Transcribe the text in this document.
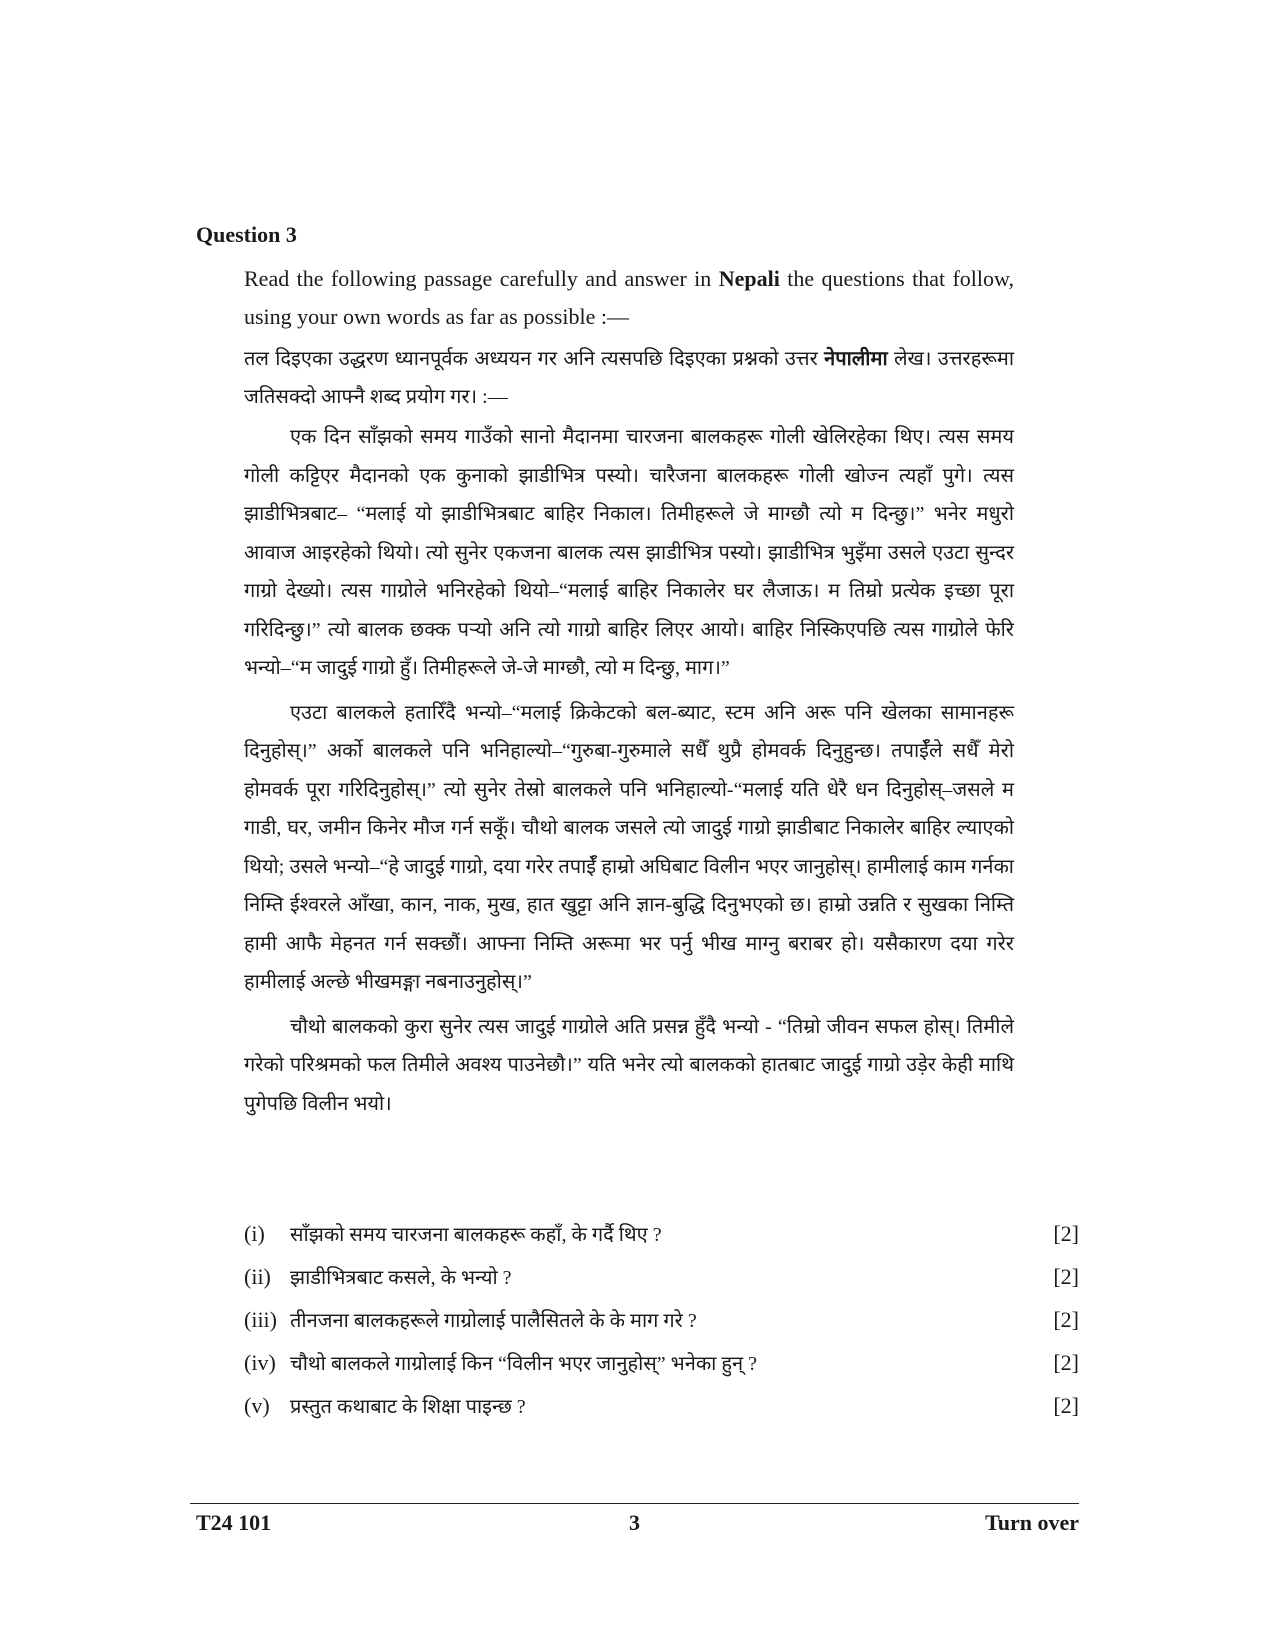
Question 3

Read the following passage carefully and answer in Nepali the questions that follow, using your own words as far as possible :—

तल दिइएका उद्धरण ध्यानपूर्वक अध्ययन गर अनि त्यसपछि दिइएका प्रश्नको उत्तर नेपालीमा लेख। उत्तरहरूमा जतिसक्दो आफ्नै शब्द प्रयोग गर। :—

एक दिन साँझको समय गाउँको सानो मैदानमा चारजना बालकहरू गोली खेलिरहेका थिए। त्यस समय गोली कट्टिएर मैदानको एक कुनाको झाडीभित्र पस्यो। चारैजना बालकहरू गोली खोज्न त्यहाँ पुगे। त्यस झाडीभित्रबाट– “मलाई यो झाडीभित्रबाट बाहिर निकाल। तिमीहरूले जे माग्छौ त्यो म दिन्छु।” भनेर मधुरो आवाज आइरहेको थियो। त्यो सुनेर एकजना बालक त्यस झाडीभित्र पस्यो। झाडीभित्र भुइँमा उसले एउटा सुन्दर गाग्रो देख्यो। त्यस गाग्रोले भनिरहेको थियो–“मलाई बाहिर निकालेर घर लैजाऊ। म तिम्रो प्रत्येक इच्छा पूरा गरिदिन्छु।” त्यो बालक छक्क पर्‍यो अनि त्यो गाग्रो बाहिर लिएर आयो। बाहिर निस्किएपछि त्यस गाग्रोले फेरि भन्यो–“म जादुई गाग्रो हुँ। तिमीहरूले जे-जे माग्छौ, त्यो म दिन्छु, माग।”

एउटा बालकले हतारिँदै भन्यो–“मलाई क्रिकेटको बल-ब्याट, स्टम अनि अरू पनि खेलका सामानहरू दिनुहोस्।” अर्को बालकले पनि भनिहाल्यो–“गुरुबा-गुरुमाले सधैँ थुप्रै होमवर्क दिनुहुन्छ। तपाईँले सधैँ मेरो होमवर्क पूरा गरिदिनुहोस्।” त्यो सुनेर तेस्रो बालकले पनि भनिहाल्यो-“मलाई यति धेरै धन दिनुहोस्–जसले म गाडी, घर, जमीन किनेर मौज गर्न सकूँ। चौथो बालक जसले त्यो जादुई गाग्रो झाडीबाट निकालेर बाहिर ल्याएको थियो; उसले भन्यो–“हे जादुई गाग्रो, दया गरेर तपाईँ हाम्रो अघिबाट विलीन भएर जानुहोस्। हामीलाई काम गर्नका निम्ति ईश्वरले आँखा, कान, नाक, मुख, हात खुट्टा अनि ज्ञान-बुद्धि दिनुभएको छ। हाम्रो उन्नति र सुखका निम्ति हामी आफै मेहनत गर्न सक्छौं। आफ्ना निम्ति अरूमा भर पर्नु भीख माग्नु बराबर हो। यसैकारण दया गरेर हामीलाई अल्छे भीखमङ्गा नबनाउनुहोस्।”

चौथो बालकको कुरा सुनेर त्यस जादुई गाग्रोले अति प्रसन्न हुँदै भन्यो - “तिम्रो जीवन सफल होस्। तिमीले गरेको परिश्रमको फल तिमीले अवश्य पाउनेछौ।” यति भनेर त्यो बालकको हातबाट जादुई गाग्रो उड़ेर केही माथि पुगेपछि विलीन भयो।

(i)	साँझको समय चारजना बालकहरू कहाँ, के गर्दै थिए ?	[2]
(ii) झाडीभित्रबाट कसले, के भन्यो ?	[2]
(iii) तीनजना बालकहरूले गाग्रोलाई पालैसितले के के माग गरे ?	[2]
(iv) चौथो बालकले गाग्रोलाई किन “विलीन भएर जानुहोस्” भनेका हुन् ?	[2]
(v)	प्रस्तुत कथाबाट के शिक्षा पाइन्छ ?	[2]
T24 101	3	Turn over
